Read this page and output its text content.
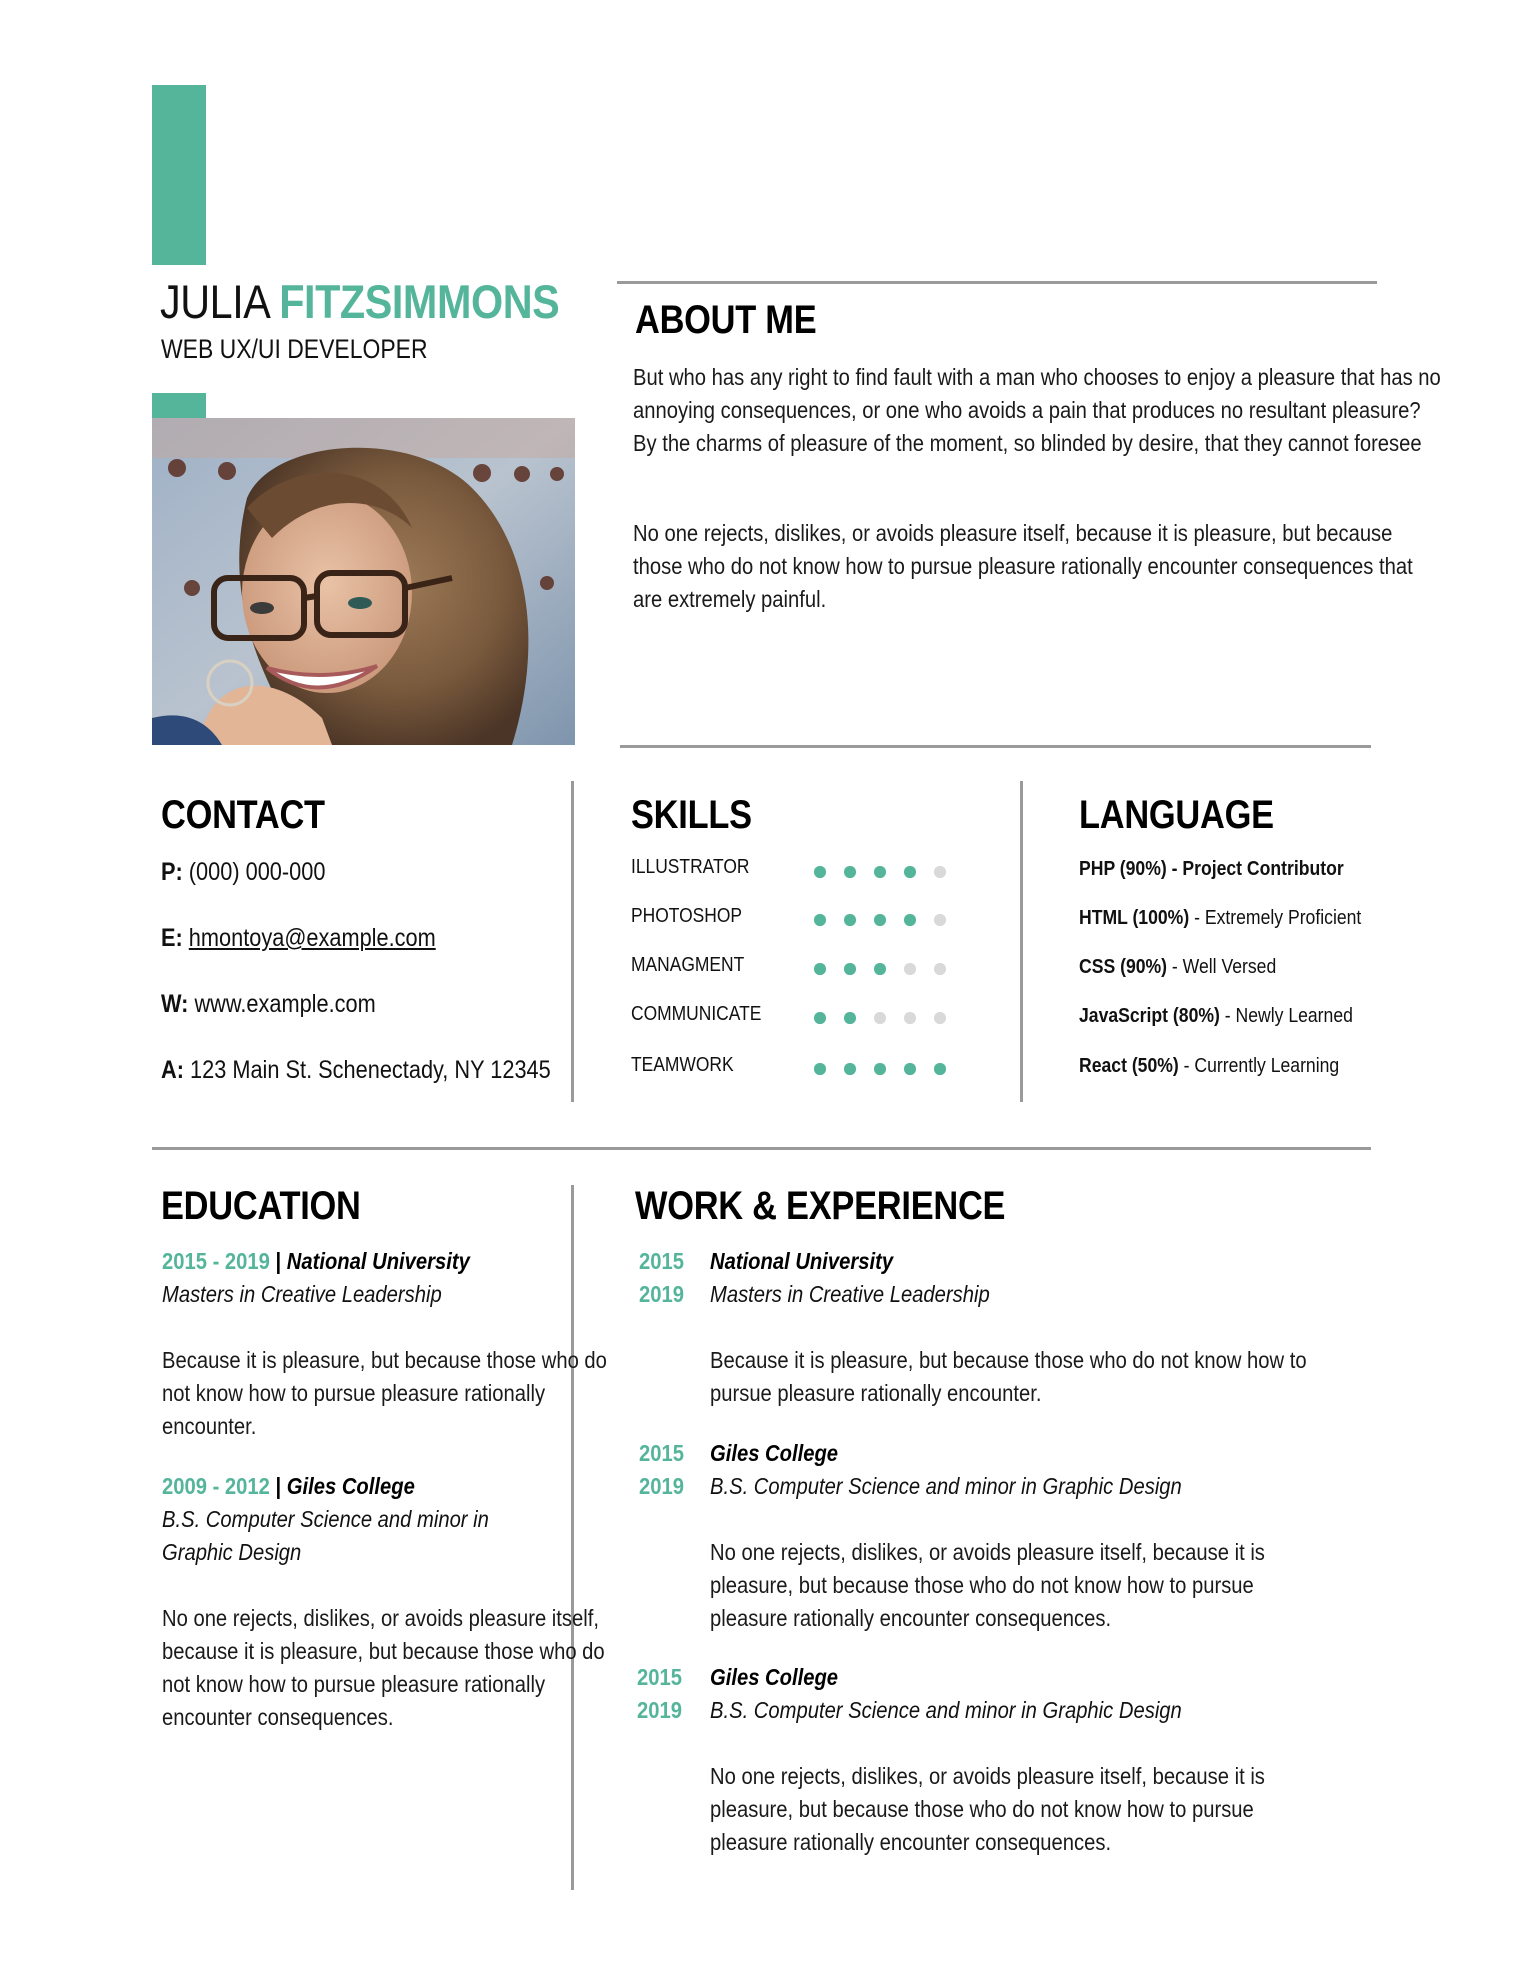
JULIA FITZSIMMONS
WEB UX/UI DEVELOPER
ABOUT ME
But who has any right to find fault with a man who chooses to enjoy a pleasure that has no annoying consequences, or one who avoids a pain that produces no resultant pleasure? By the charms of pleasure of the moment, so blinded by desire, that they cannot foresee
No one rejects, dislikes, or avoids pleasure itself, because it is pleasure, but because those who do not know how to pursue pleasure rationally encounter consequences that are extremely painful.
CONTACT
P: (000) 000-000
E: hmontoya@example.com
W: www.example.com
A: 123 Main St. Schenectady, NY 12345
SKILLS
ILLUSTRATOR
PHOTOSHOP
MANAGMENT
COMMUNICATE
TEAMWORK
LANGUAGE
PHP (90%) - Project Contributor
HTML (100%) - Extremely Proficient
CSS (90%) - Well Versed
JavaScript (80%) - Newly Learned
React (50%) - Currently Learning
EDUCATION
2015 - 2019 | National University
Masters in Creative Leadership
Because it is pleasure, but because those who do not know how to pursue pleasure rationally encounter.
2009 - 2012 | Giles College
B.S. Computer Science and minor in Graphic Design
No one rejects, dislikes, or avoids pleasure itself, because it is pleasure, but because those who do not know how to pursue pleasure rationally encounter consequences.
WORK & EXPERIENCE
2015
2019
National University
Masters in Creative Leadership
Because it is pleasure, but because those who do not know how to pursue pleasure rationally encounter.
2015
2019
Giles College
B.S. Computer Science and minor in Graphic Design
No one rejects, dislikes, or avoids pleasure itself, because it is pleasure, but because those who do not know how to pursue pleasure rationally encounter consequences.
2015
2019
Giles College
B.S. Computer Science and minor in Graphic Design
No one rejects, dislikes, or avoids pleasure itself, because it is pleasure, but because those who do not know how to pursue pleasure rationally encounter consequences.
